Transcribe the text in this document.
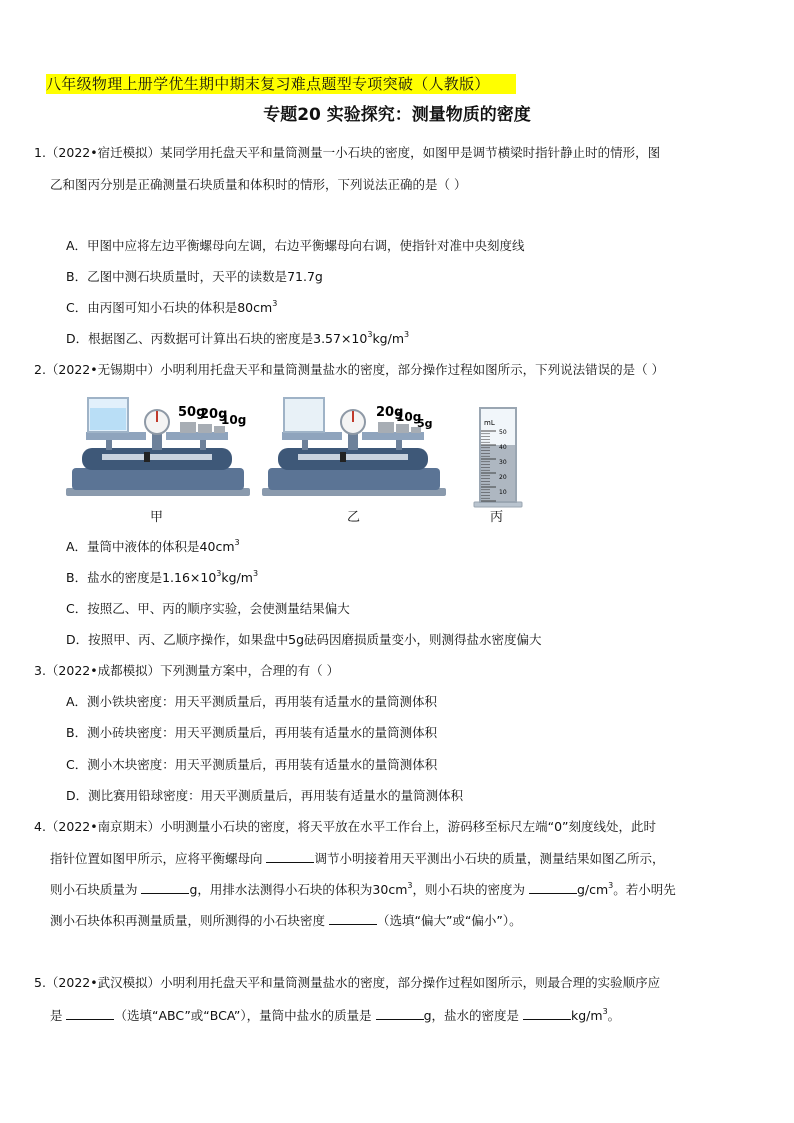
八年级物理上册学优生期中期末复习难点题型专项突破（人教版）
专题20 实验探究：测量物质的密度
1.（2022•宿迁模拟）某同学用托盘天平和量筒测量一小石块的密度，如图甲是调节横梁时指针静止时的情形，图
乙和图丙分别是正确测量石块质量和体积时的情形，下列说法正确的是（ ）
A．甲图中应将左边平衡螺母向左调，右边平衡螺母向右调，使指针对准中央刻度线
B．乙图中测石块质量时，天平的读数是71.7g
C．由丙图可知小石块的体积是$80cm^3$
D．根据图乙、丙数据可计算出石块的密度是$3.57\times 10^3kg/m^3$
2.（2022•无锡期中）小明利用托盘天平和量筒测量盐水的密度，部分操作过程如图所示，下列说法错误的是（ ）
50g
20g
10g
甲
20g
10g
5g
乙
mL
50
40
30
20
10
丙
A．量筒中液体的体积是$40cm^3$
B．盐水的密度是$1.16\times 10^3kg/m^3$
C．按照乙、甲、丙的顺序实验，会使测量结果偏大
D．按照甲、丙、乙顺序操作，如果盘中5g砝码因磨损质量变小，则测得盐水密度偏大
3.（2022•成都模拟）下列测量方案中，合理的有（ ）
A．测小铁块密度：用天平测质量后，再用装有适量水的量筒测体积
B．测小砖块密度：用天平测质量后，再用装有适量水的量筒测体积
C．测小木块密度：用天平测质量后，再用装有适量水的量筒测体积
D．测比赛用铅球密度：用天平测质量后，再用装有适量水的量筒测体积
4.（2022•南京期末）小明测量小石块的密度，将天平放在水平工作台上，游码移至标尺左端“0”刻度线处，此时
指针位置如图甲所示，应将平衡螺母向	调节小明接着用天平测出小石块的质量，测量结果如图乙所示，
则小石块质量为	g，用排水法测得小石块的体积为$30cm^3$，则小石块的密度为	$g/cm^3$。若小明先
测小石块体积再测量质量，则所测得的小石块密度	（选填“偏大”或“偏小”）。
5.（2022•武汉模拟）小明利用托盘天平和量筒测量盐水的密度，部分操作过程如图所示，则最合理的实验顺序应
是	（选填“ABC”或“BCA”），量筒中盐水的质量是	g，盐水的密度是	$kg/m^3$。
